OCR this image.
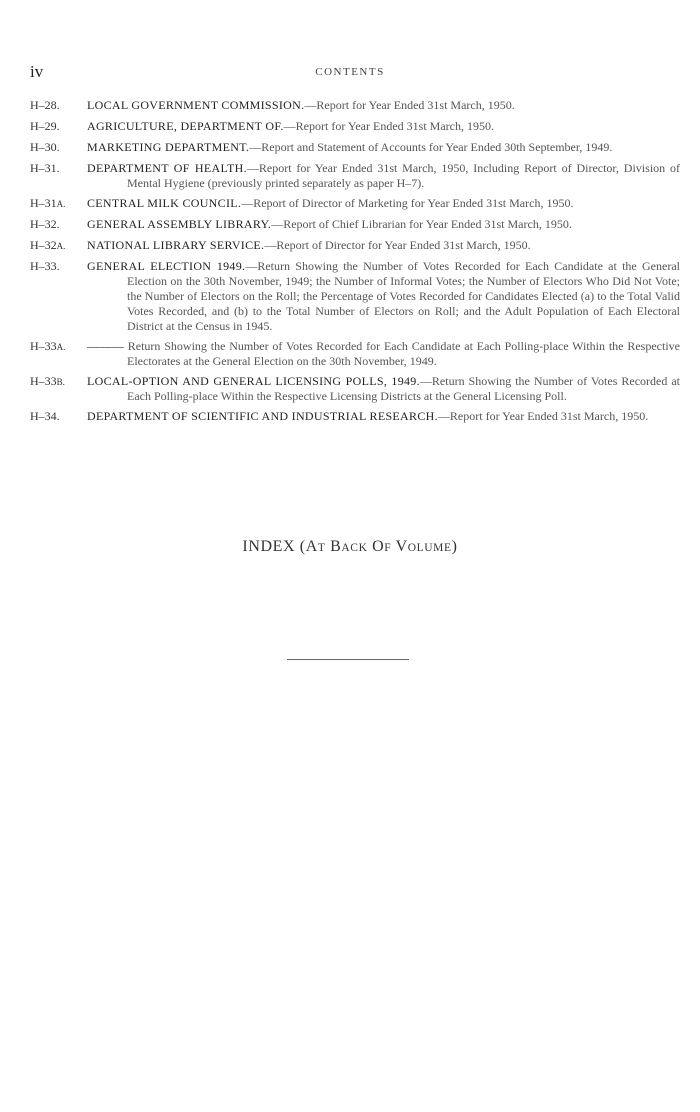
iv	CONTENTS
H–28.	LOCAL GOVERNMENT COMMISSION.—Report for Year Ended 31st March, 1950.
H–29.	AGRICULTURE, DEPARTMENT OF.—Report for Year Ended 31st March, 1950.
H–30.	MARKETING DEPARTMENT.—Report and Statement of Accounts for Year Ended 30th September, 1949.
H–31.	DEPARTMENT OF HEALTH.—Report for Year Ended 31st March, 1950, Including Report of Director, Division of Mental Hygiene (previously printed separately as paper H–7).
H–31A.	CENTRAL MILK COUNCIL.—Report of Director of Marketing for Year Ended 31st March, 1950.
H–32.	GENERAL ASSEMBLY LIBRARY.—Report of Chief Librarian for Year Ended 31st March, 1950.
H–32A.	NATIONAL LIBRARY SERVICE.—Report of Director for Year Ended 31st March, 1950.
H–33.	GENERAL ELECTION 1949.—Return Showing the Number of Votes Recorded for Each Candidate at the General Election on the 30th November, 1949; the Number of Informal Votes; the Number of Electors Who Did Not Vote; the Number of Electors on the Roll; the Percentage of Votes Recorded for Candidates Elected (a) to the Total Valid Votes Recorded, and (b) to the Total Number of Electors on Roll; and the Adult Population of Each Electoral District at the Census in 1945.
H–33A.	——— Return Showing the Number of Votes Recorded for Each Candidate at Each Polling-place Within the Respective Electorates at the General Election on the 30th November, 1949.
H–33B.	LOCAL-OPTION AND GENERAL LICENSING POLLS, 1949.—Return Showing the Number of Votes Recorded at Each Polling-place Within the Respective Licensing Districts at the General Licensing Poll.
H–34.	DEPARTMENT OF SCIENTIFIC AND INDUSTRIAL RESEARCH.—Report for Year Ended 31st March, 1950.
INDEX (AT BACK OF VOLUME)
